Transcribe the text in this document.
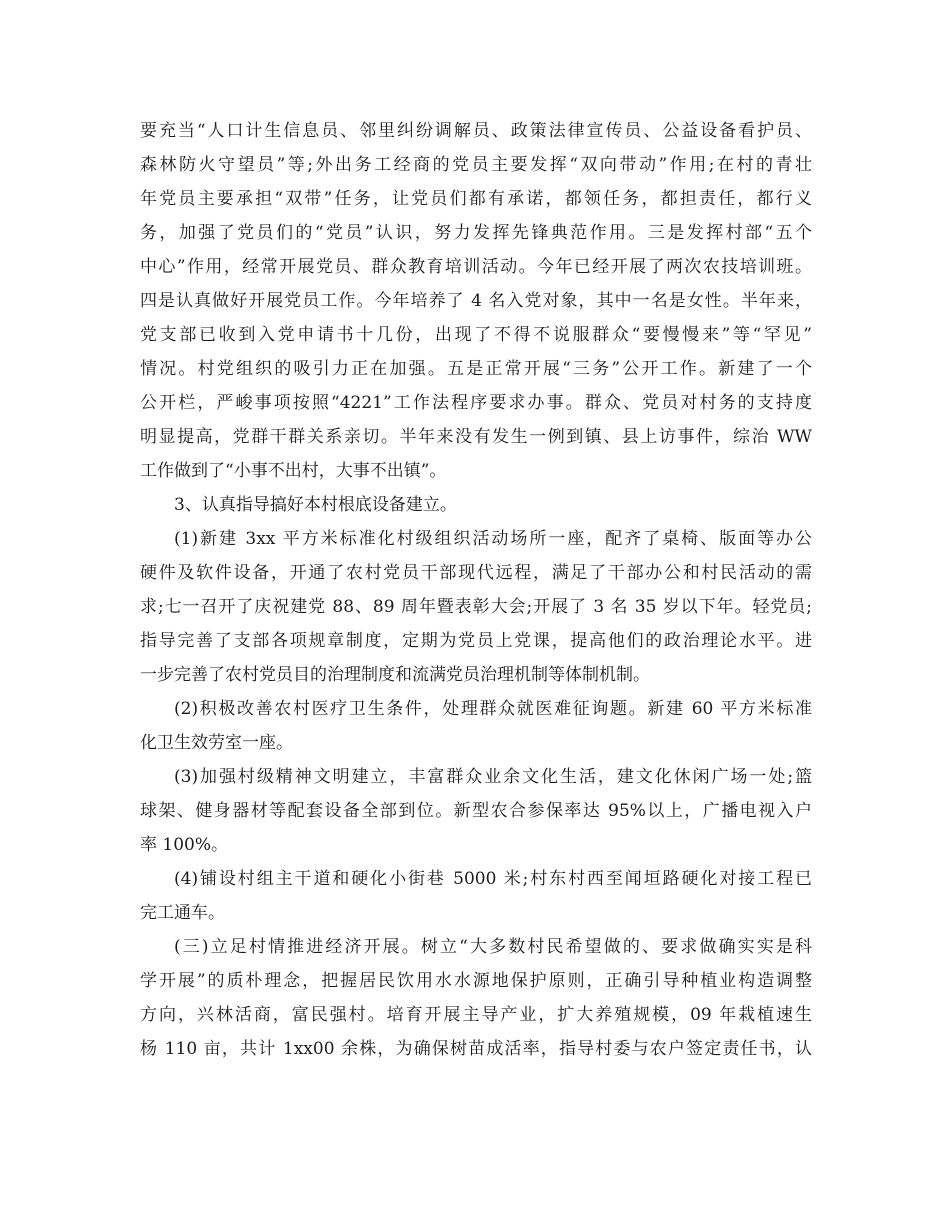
要充当“人口计生信息员、邻里纠纷调解员、政策法律宣传员、公益设备看护员、
森林防火守望员”等;外出务工经商的党员主要发挥“双向带动”作用;在村的青壮
年党员主要承担“双带”任务，让党员们都有承诺，都领任务，都担责任，都行义
务，加强了党员们的“党员”认识，努力发挥先锋典范作用。三是发挥村部“五个
中心”作用，经常开展党员、群众教育培训活动。今年已经开展了两次农技培训班。
四是认真做好开展党员工作。今年培养了 4 名入党对象，其中一名是女性。半年来，
党支部已收到入党申请书十几份，出现了不得不说服群众“要慢慢来”等“罕见”
情况。村党组织的吸引力正在加强。五是正常开展“三务”公开工作。新建了一个
公开栏，严峻事项按照“4221”工作法程序要求办事。群众、党员对村务的支持度
明显提高，党群干群关系亲切。半年来没有发生一例到镇、县上访事件，综治 WW
工作做到了“小事不出村，大事不出镇”。
3、认真指导搞好本村根底设备建立。
(1)新建 3xx 平方米标准化村级组织活动场所一座，配齐了桌椅、版面等办公
硬件及软件设备，开通了农村党员干部现代远程，满足了干部办公和村民活动的需
求;七一召开了庆祝建党 88、89 周年暨表彰大会;开展了 3 名 35 岁以下年。轻党员;
指导完善了支部各项规章制度，定期为党员上党课，提高他们的政治理论水平。进
一步完善了农村党员目的治理制度和流满党员治理机制等体制机制。
(2)积极改善农村医疗卫生条件，处理群众就医难征询题。新建 60 平方米标准
化卫生效劳室一座。
(3)加强村级精神文明建立，丰富群众业余文化生活，建文化休闲广场一处;篮
球架、健身器材等配套设备全部到位。新型农合参保率达 95%以上，广播电视入户
率 100%。
(4)铺设村组主干道和硬化小街巷 5000 米;村东村西至闻垣路硬化对接工程已
完工通车。
(三)立足村情推进经济开展。树立“大多数村民希望做的、要求做确实实是科
学开展”的质朴理念，把握居民饮用水水源地保护原则，正确引导种植业构造调整
方向，兴林活商，富民强村。培育开展主导产业，扩大养殖规模，09 年栽植速生
杨 110 亩，共计 1xx00 余株，为确保树苗成活率，指导村委与农户签定责任书，认
